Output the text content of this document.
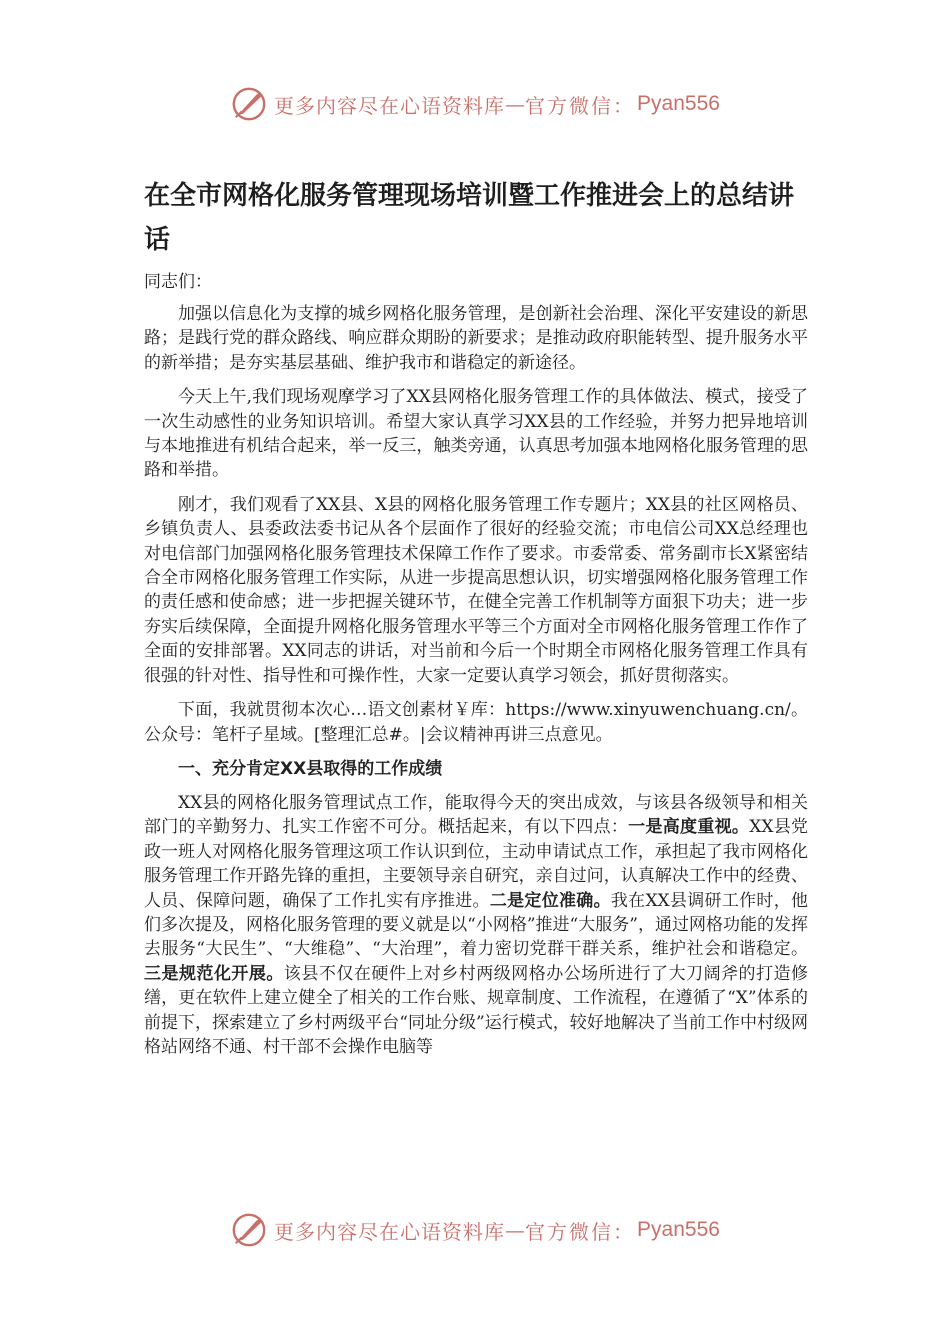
更多内容尽在心语资料库 — 官方微信： Pyan556
在全市网格化服务管理现场培训暨工作推进会上的总结讲话
同志们：

加强以信息化为支撑的城乡网格化服务管理，是创新社会治理、深化平安建设的新思路；是践行党的群众路线、响应群众期盼的新要求；是推动政府职能转型、提升服务水平的新举措；是夯实基层基础、维护我市和谐稳定的新途径。

今天上午,我们现场观摩学习了XX县网格化服务管理工作的具体做法、模式，接受了一次生动感性的业务知识培训。希望大家认真学习XX县的工作经验，并努力把异地培训与本地推进有机结合起来，举一反三，触类旁通，认真思考加强本地网格化服务管理的思路和举措。

刚才，我们观看了XX县、X县的网格化服务管理工作专题片；XX县的社区网格员、乡镇负责人、县委政法委书记从各个层面作了很好的经验交流；市电信公司XX总经理也对电信部门加强网格化服务管理技术保障工作作了要求。市委常委、常务副市长X紧密结合全市网格化服务管理工作实际，从进一步提高思想认识，切实增强网格化服务管理工作的责任感和使命感；进一步把握关键环节，在健全完善工作机制等方面狠下功夫；进一步夯实后续保障，全面提升网格化服务管理水平等三个方面对全市网格化服务管理工作作了全面的安排部署。XX同志的讲话，对当前和今后一个时期全市网格化服务管理工作具有很强的针对性、指导性和可操作性，大家一定要认真学习领会，抓好贯彻落实。

下面，我就贯彻本次心…语文创素材￥库：https://www.xinyuwenchuang.cn/。公众号：笔杆子星域。[整理汇总#。|会议精神再讲三点意见。

一、充分肯定XX县取得的工作成绩

XX县的网格化服务管理试点工作，能取得今天的突出成效，与该县各级领导和相关部门的辛勤努力、扎实工作密不可分。概括起来，有以下四点：一是高度重视。XX县党政一班人对网格化服务管理这项工作认识到位，主动申请试点工作，承担起了我市网格化服务管理工作开路先锋的重担，主要领导亲自研究，亲自过问，认真解决工作中的经费、人员、保障问题，确保了工作扎实有序推进。二是定位准确。我在XX县调研工作时，他们多次提及，网格化服务管理的要义就是以“小网格”推进“大服务”，通过网格功能的发挥去服务“大民生”、“大维稳”、“大治理”，着力密切党群干群关系，维护社会和谐稳定。三是规范化开展。该县不仅在硬件上对乡村两级网格办公场所进行了大刀阔斧的打造修缮，更在软件上建立健全了相关的工作台账、规章制度、工作流程，在遵循了“X”体系的前提下，探索建立了乡村两级平台“同址分级”运行模式，较好地解决了当前工作中村级网格站网络不通、村干部不会操作电脑等

更多内容尽在心语资料库 — 官方微信： Pyan556
